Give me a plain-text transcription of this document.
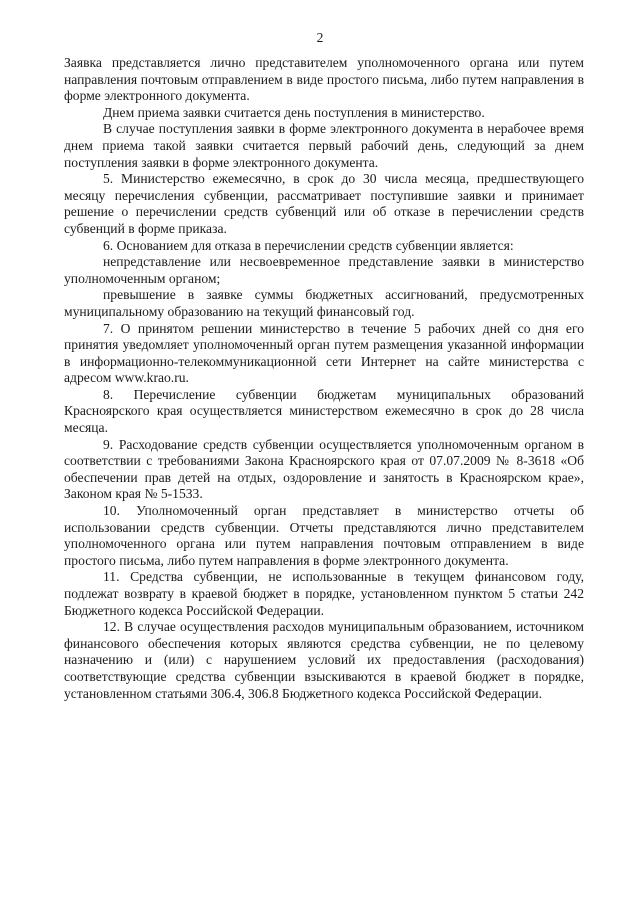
2

Заявка представляется лично представителем уполномоченного органа или путем направления почтовым отправлением в виде простого письма, либо путем направления в форме электронного документа.

Днем приема заявки считается день поступления в министерство.

В случае поступления заявки в форме электронного документа в нерабочее время днем приема такой заявки считается первый рабочий день, следующий за днем поступления заявки в форме электронного документа.

5. Министерство ежемесячно, в срок до 30 числа месяца, предшествующего месяцу перечисления субвенции, рассматривает поступившие заявки и принимает решение о перечислении средств субвенций или об отказе в перечислении средств субвенций в форме приказа.

6. Основанием для отказа в перечислении средств субвенции является:

непредставление или несвоевременное представление заявки в министерство уполномоченным органом;

превышение в заявке суммы бюджетных ассигнований, предусмотренных муниципальному образованию на текущий финансовый год.

7. О принятом решении министерство в течение 5 рабочих дней со дня его принятия уведомляет уполномоченный орган путем размещения указанной информации в информационно-телекоммуникационной сети Интернет на сайте министерства с адресом www.krao.ru.

8. Перечисление субвенции бюджетам муниципальных образований Красноярского края осуществляется министерством ежемесячно в срок до 28 числа месяца.

9. Расходование средств субвенции осуществляется уполномоченным органом в соответствии с требованиями Закона Красноярского края от 07.07.2009 № 8-3618 «Об обеспечении прав детей на отдых, оздоровление и занятость в Красноярском крае», Законом края № 5-1533.

10. Уполномоченный орган представляет в министерство отчеты об использовании средств субвенции. Отчеты представляются лично представителем уполномоченного органа или путем направления почтовым отправлением в виде простого письма, либо путем направления в форме электронного документа.

11. Средства субвенции, не использованные в текущем финансовом году, подлежат возврату в краевой бюджет в порядке, установленном пунктом 5 статьи 242 Бюджетного кодекса Российской Федерации.

12. В случае осуществления расходов муниципальным образованием, источником финансового обеспечения которых являются средства субвенции, не по целевому назначению и (или) с нарушением условий их предоставления (расходования) соответствующие средства субвенции взыскиваются в краевой бюджет в порядке, установленном статьями 306.4, 306.8 Бюджетного кодекса Российской Федерации.
